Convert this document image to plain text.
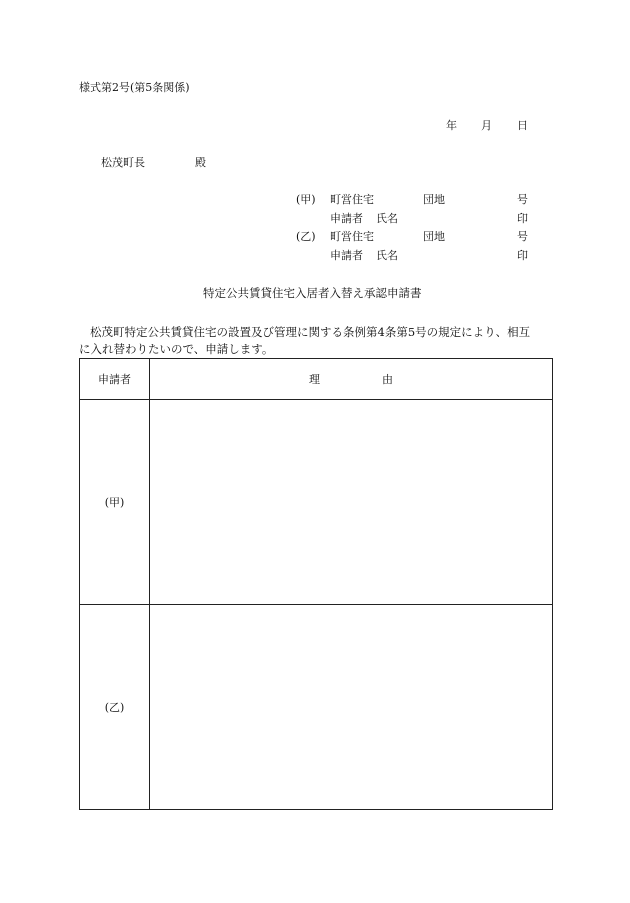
様式第2号(第5条関係)
年 月 日
松茂町長	殿
(甲) 町営住宅	団地	号
申請者 氏名	印
(乙) 町営住宅	団地	号
申請者 氏名	印
特定公共賃貸住宅入居者入替え承認申請書
松茂町特定公共賃貸住宅の設置及び管理に関する条例第4条第5号の規定により、相互
に入れ替わりたいので、申請します。
申請者	理 由
(甲)	
(乙)	
